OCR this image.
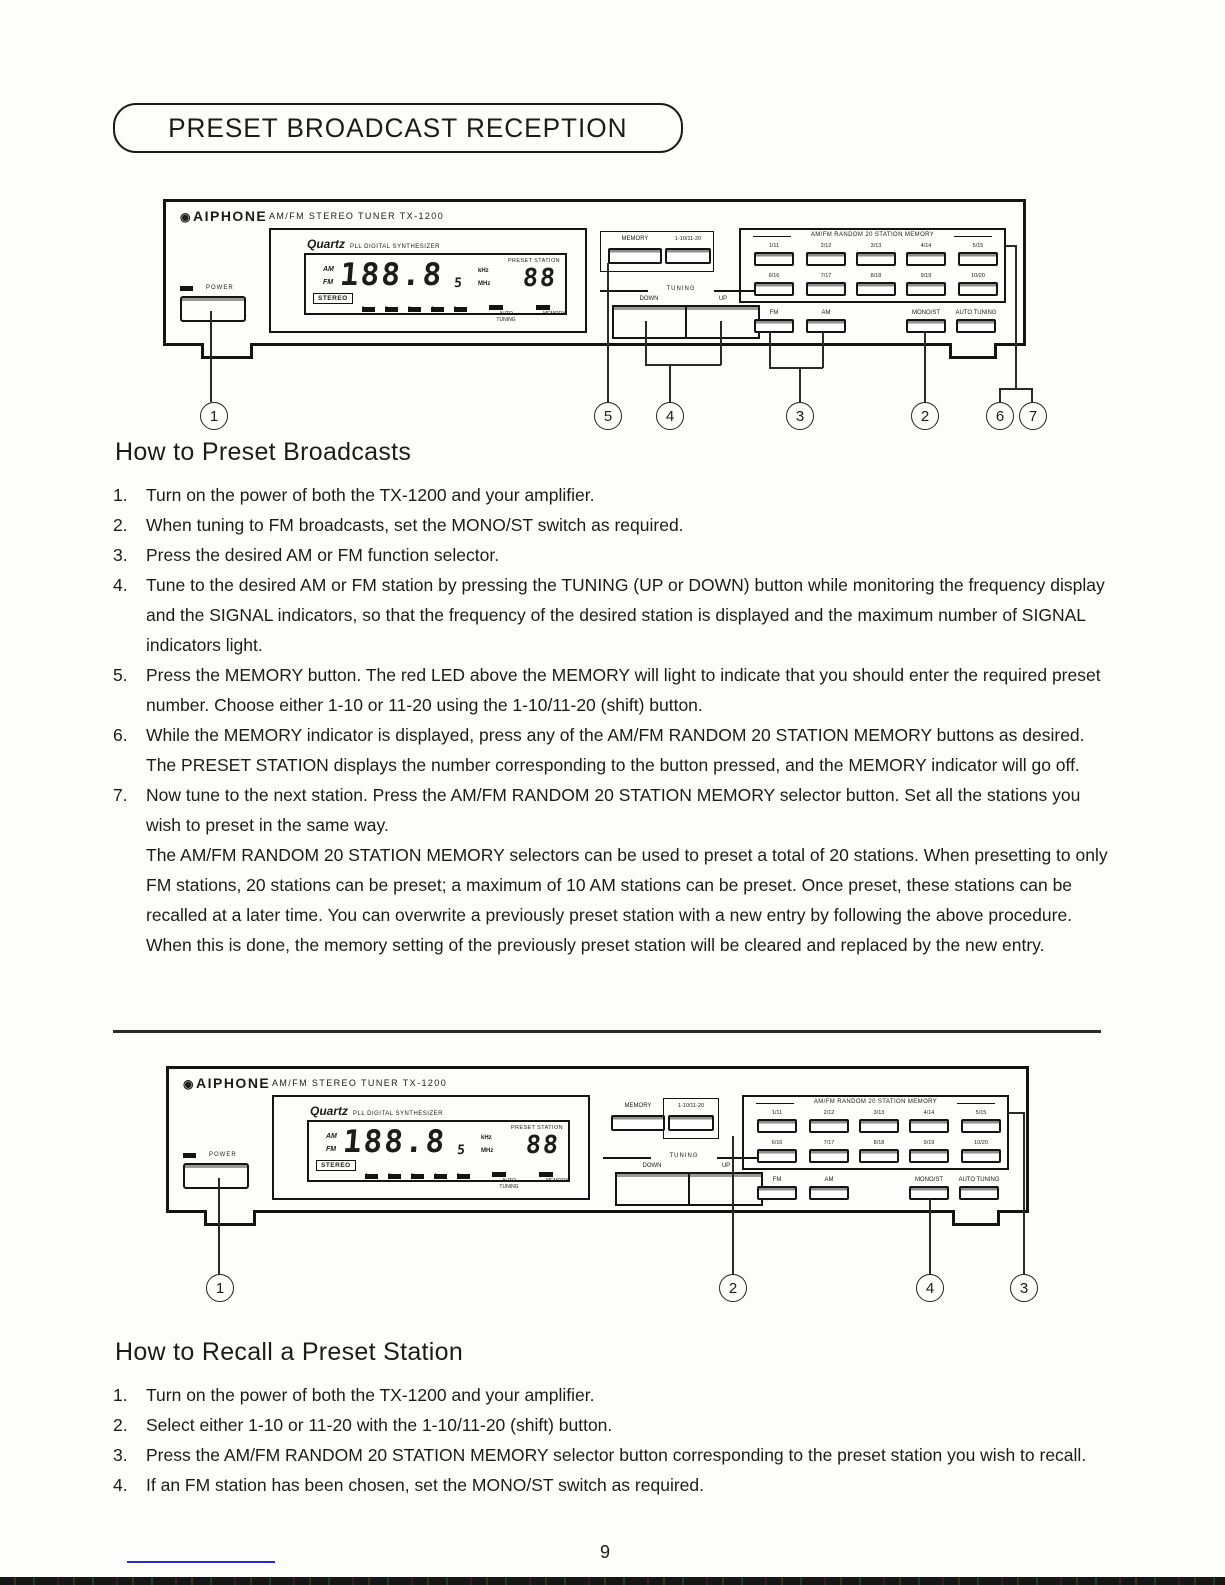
PRESET BROADCAST RECEPTION
◉ AIPHONE AM/FM STEREO TUNER TX-1200
Quartz PLL DIGITAL SYNTHESIZER
AM
FM 188.8 5
kHz
MHz
PRESET STATION
88
STEREO
AUTO TUNING
MEMORY
POWER
MEMORY	1-10/11-20
TUNING
DOWN	UP
AM/FM RANDOM 20 STATION MEMORY
1/11	2/12	3/13	4/14	5/15
6/16	7/17	8/18	9/19	10/20
FM	AM	MONO/ST	AUTO TUNING
1	5	4	3	2	6	7
How to Preset Broadcasts
1.	Turn on the power of both the TX-1200 and your amplifier.
2.	When tuning to FM broadcasts, set the MONO/ST switch as required.
3.	Press the desired AM or FM function selector.
4.	Tune to the desired AM or FM station by pressing the TUNING (UP or DOWN) button while monitoring the frequency display and the SIGNAL indicators, so that the frequency of the desired station is displayed and the maximum number of SIGNAL indicators light.
5.	Press the MEMORY button. The red LED above the MEMORY will light to indicate that you should enter the required preset number. Choose either 1-10 or 11-20 using the 1-10/11-20 (shift) button.
6.	While the MEMORY indicator is displayed, press any of the AM/FM RANDOM 20 STATION MEMORY buttons as desired. The PRESET STATION displays the number corresponding to the button pressed, and the MEMORY indicator will go off.
7.	Now tune to the next station. Press the AM/FM RANDOM 20 STATION MEMORY selector button. Set all the stations you wish to preset in the same way.
The AM/FM RANDOM 20 STATION MEMORY selectors can be used to preset a total of 20 stations. When presetting to only FM stations, 20 stations can be preset; a maximum of 10 AM stations can be preset. Once preset, these stations can be recalled at a later time. You can overwrite a previously preset station with a new entry by following the above procedure. When this is done, the memory setting of the previously preset station will be cleared and replaced by the new entry.
◉ AIPHONE AM/FM STEREO TUNER TX-1200
Quartz PLL DIGITAL SYNTHESIZER
AM
FM 188.8 5
kHz
MHz
PRESET STATION
88
STEREO
AUTO TUNING
MEMORY
POWER
MEMORY	1-10/11-20
TUNING
DOWN	UP
AM/FM RANDOM 20 STATION MEMORY
1/11	2/12	3/13	4/14	5/15
6/16	7/17	8/18	9/19	10/20
FM	AM	MONO/ST	AUTO TUNING
1	2	4	3
How to Recall a Preset Station
1.	Turn on the power of both the TX-1200 and your amplifier.
2.	Select either 1-10 or 11-20 with the 1-10/11-20 (shift) button.
3.	Press the AM/FM RANDOM 20 STATION MEMORY selector button corresponding to the preset station you wish to recall.
4.	If an FM station has been chosen, set the MONO/ST switch as required.
9
